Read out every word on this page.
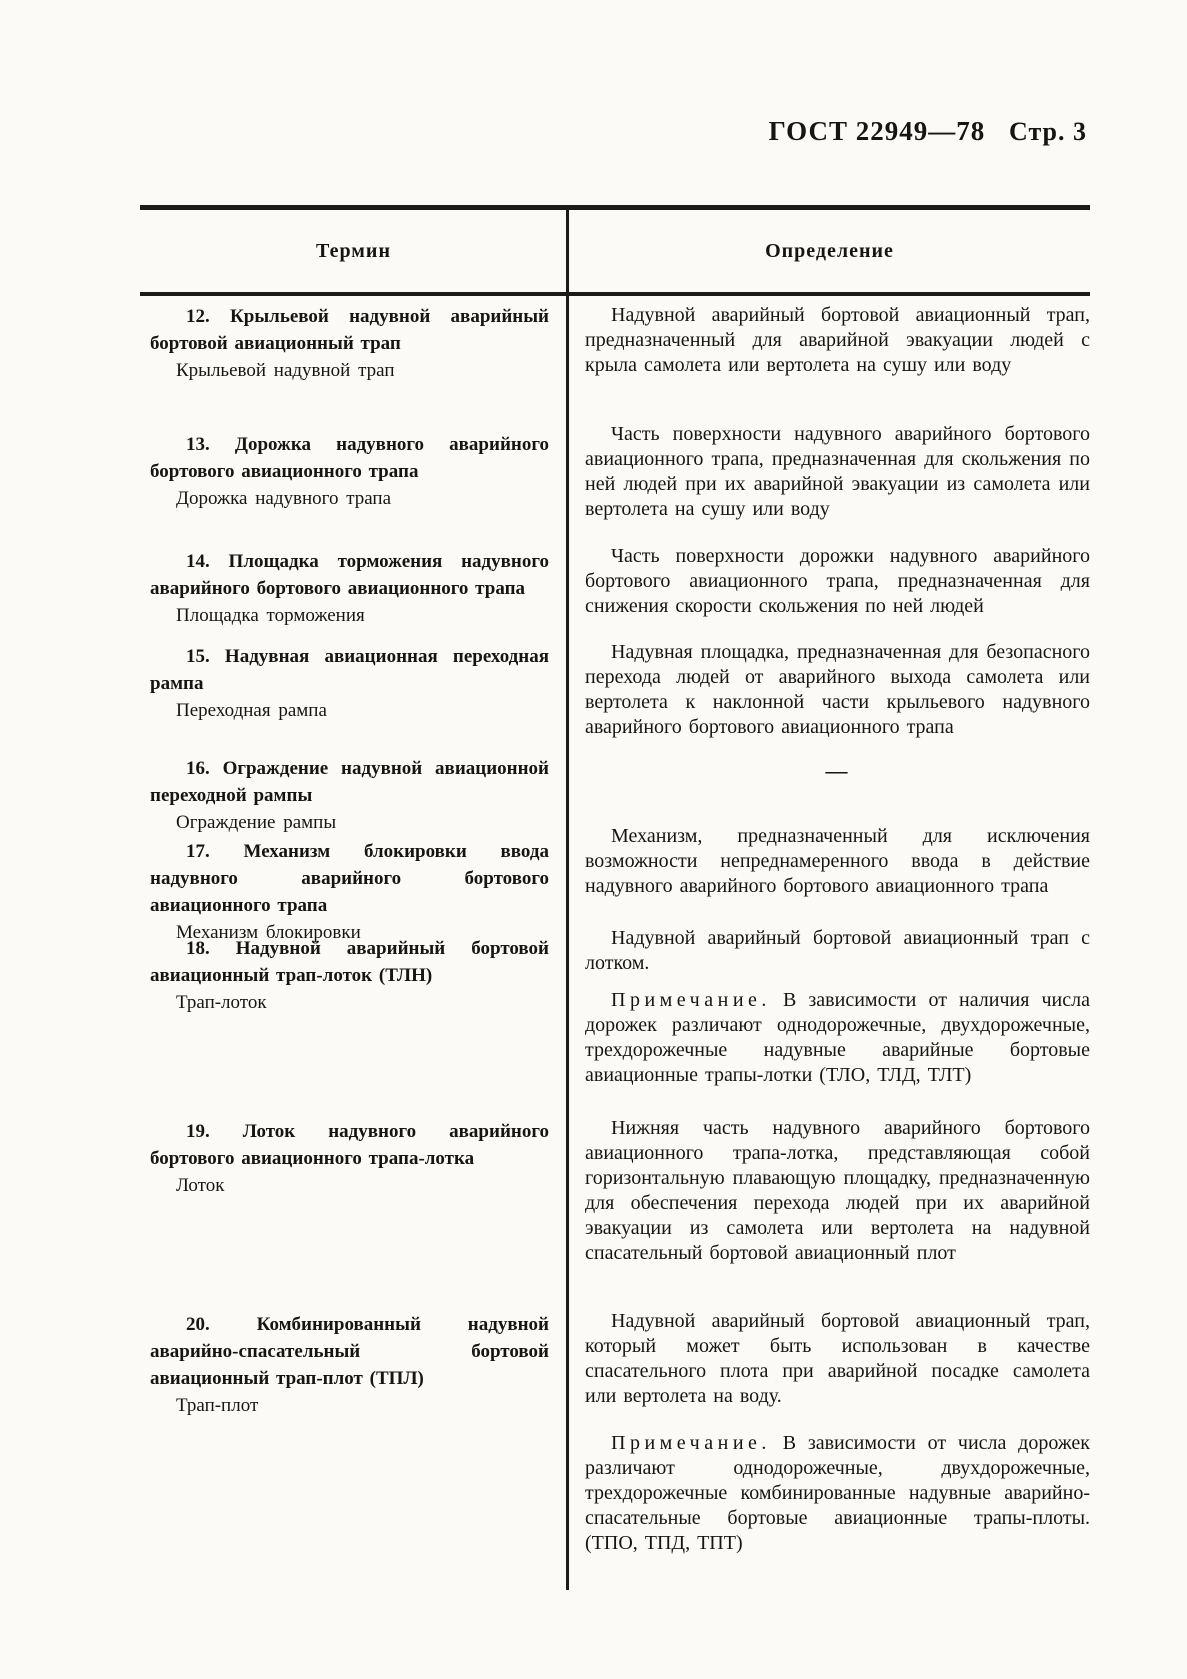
ГОСТ 22949—78 Стр. 3
Термин	Определение

12. Крыльевой надувной аварийный бортовой авиационный трап

Крыльевой надувной трап

Надувной аварийный бортовой авиационный трап, предназначенный для аварийной эвакуации людей с крыла самолета или вертолета на сушу или воду

13. Дорожка надувного аварийного бортового авиационного трапа

Дорожка надувного трапа

Часть поверхности надувного аварийного бортового авиационного трапа, предназначенная для скольжения по ней людей при их аварийной эвакуации из самолета или вертолета на сушу или воду

14. Площадка торможения надувного аварийного бортового авиационного трапа

Площадка торможения

Часть поверхности дорожки надувного аварийного бортового авиационного трапа, предназначенная для снижения скорости скольжения по ней людей

15. Надувная авиационная переходная рампа

Переходная рампа

Надувная площадка, предназначенная для безопасного перехода людей от аварийного выхода самолета или вертолета к наклонной части крыльевого надувного аварийного бортового авиационного трапа

16. Ограждение надувной авиационной переходной рампы

Ограждение рампы

—

17. Механизм блокировки ввода надувного аварийного бортового авиационного трапа

Механизм блокировки

Механизм, предназначенный для исключения возможности непреднамеренного ввода в действие надувного аварийного бортового авиационного трапа

18. Надувной аварийный бортовой авиационный трап-лоток (ТЛН)

Трап-лоток

Надувной аварийный бортовой авиационный трап с лотком.

Примечание. В зависимости от наличия числа дорожек различают однодорожечные, двухдорожечные, трехдорожечные надувные аварийные бортовые авиационные трапы-лотки (ТЛО, ТЛД, ТЛТ)

19. Лоток надувного аварийного бортового авиационного трапа-лотка

Лоток

Нижняя часть надувного аварийного бортового авиационного трапа-лотка, представляющая собой горизонтальную плавающую площадку, предназначенную для обеспечения перехода людей при их аварийной эвакуации из самолета или вертолета на надувной спасательный бортовой авиационный плот

20. Комбинированный надувной аварийно-спасательный бортовой авиационный трап-плот (ТПЛ)

Трап-плот

Надувной аварийный бортовой авиационный трап, который может быть использован в качестве спасательного плота при аварийной посадке самолета или вертолета на воду.

Примечание. В зависимости от числа дорожек различают однодорожечные, двухдорожечные, трехдорожечные комбинированные надувные аварийно-спасательные бортовые авиационные трапы-плоты. (ТПО, ТПД, ТПТ)
